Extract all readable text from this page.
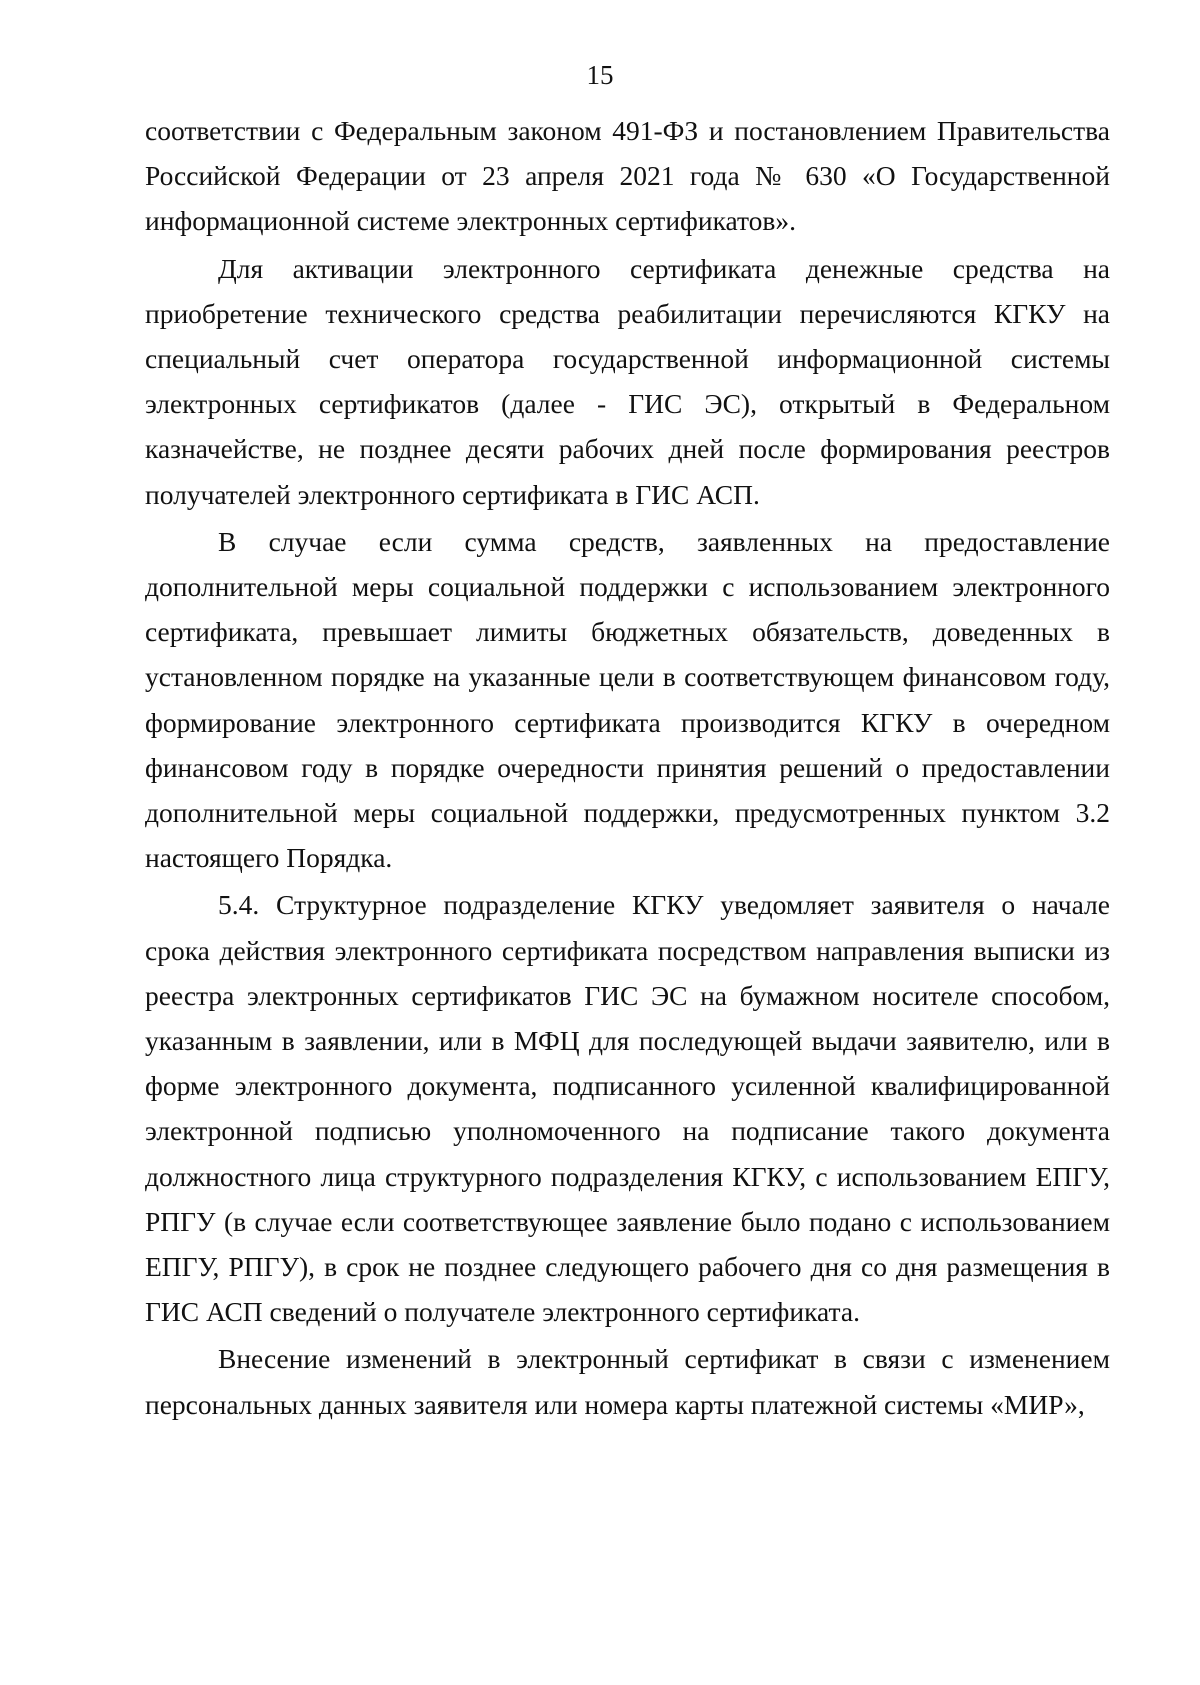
15

соответствии с Федеральным законом 491-ФЗ и постановлением Правительства Российской Федерации от 23 апреля 2021 года № 630 «О Государственной информационной системе электронных сертификатов».

Для активации электронного сертификата денежные средства на приобретение технического средства реабилитации перечисляются КГКУ на специальный счет оператора государственной информационной системы электронных сертификатов (далее - ГИС ЭС), открытый в Федеральном казначействе, не позднее десяти рабочих дней после формирования реестров получателей электронного сертификата в ГИС АСП.

В случае если сумма средств, заявленных на предоставление дополнительной меры социальной поддержки с использованием электронного сертификата, превышает лимиты бюджетных обязательств, доведенных в установленном порядке на указанные цели в соответствующем финансовом году, формирование электронного сертификата производится КГКУ в очередном финансовом году в порядке очередности принятия решений о предоставлении дополнительной меры социальной поддержки, предусмотренных пунктом 3.2 настоящего Порядка.

5.4. Структурное подразделение КГКУ уведомляет заявителя о начале срока действия электронного сертификата посредством направления выписки из реестра электронных сертификатов ГИС ЭС на бумажном носителе способом, указанным в заявлении, или в МФЦ для последующей выдачи заявителю, или в форме электронного документа, подписанного усиленной квалифицированной электронной подписью уполномоченного на подписание такого документа должностного лица структурного подразделения КГКУ, с использованием ЕПГУ, РПГУ (в случае если соответствующее заявление было подано с использованием ЕПГУ, РПГУ), в срок не позднее следующего рабочего дня со дня размещения в ГИС АСП сведений о получателе электронного сертификата.

Внесение изменений в электронный сертификат в связи с изменением персональных данных заявителя или номера карты платежной системы «МИР»,
